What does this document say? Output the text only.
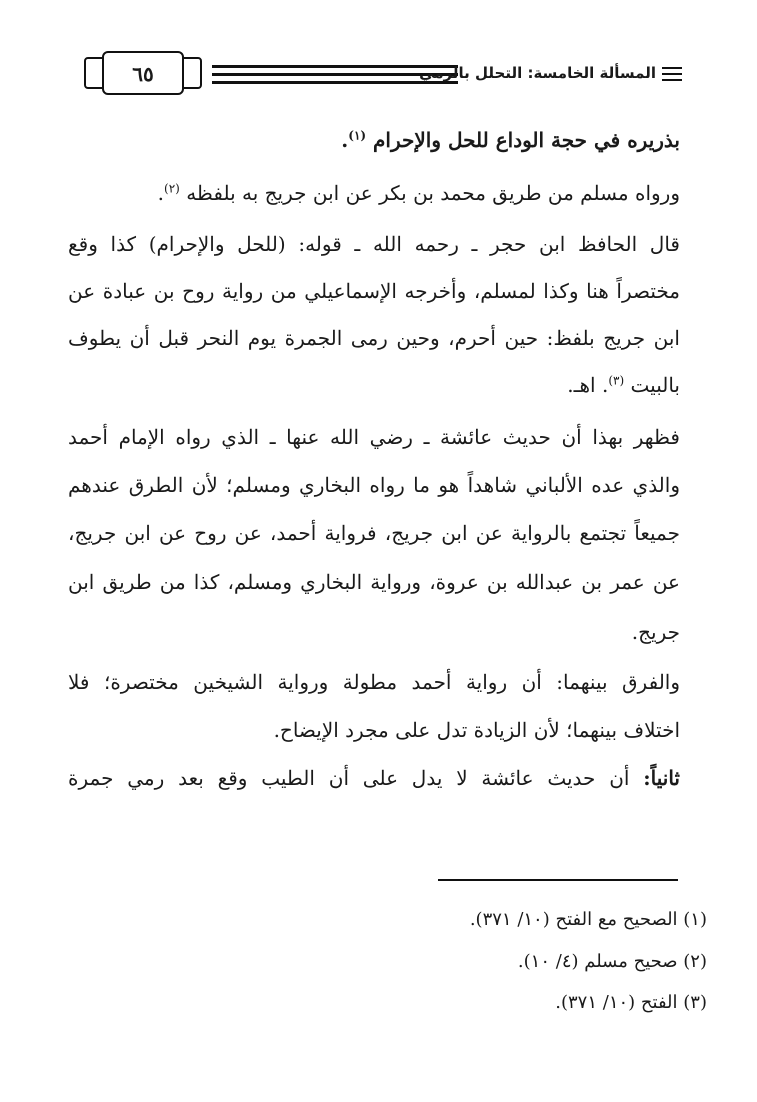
٦٥	المسألة الخامسة: التحلل بالرمي
بذريره في حجة الوداع للحل والإحرام $^{(١)}$.
ورواه مسلم من طريق محمد بن بكر عن ابن جريج به بلفظه $^{(٢)}$.
قال الحافظ ابن حجر ـ رحمه الله ـ قوله: (للحل والإحرام) كذا وقع
مختصراً هنا وكذا لمسلم، وأخرجه الإسماعيلي من رواية روح بن عبادة عن
ابن جريج بلفظ: حين أحرم، وحين رمى الجمرة يوم النحر قبل أن يطوف
بالبيت $^{(٣)}$. اهـ.
فظهر بهذا أن حديث عائشة ـ رضي الله عنها ـ الذي رواه الإمام أحمد
والذي عده الألباني شاهداً هو ما رواه البخاري ومسلم؛ لأن الطرق عندهم
جميعاً تجتمع بالرواية عن ابن جريج، فرواية أحمد، عن روح عن ابن جريج،
عن عمر بن عبدالله بن عروة، ورواية البخاري ومسلم، كذا من طريق ابن
جريج.
والفرق بينهما: أن رواية أحمد مطولة ورواية الشيخين مختصرة؛ فلا
اختلاف بينهما؛ لأن الزيادة تدل على مجرد الإيضاح.
ثانياً: أن حديث عائشة لا يدل على أن الطيب وقع بعد رمي جمرة
(١) الصحيح مع الفتح (١٠/ ٣٧١).
(٢) صحيح مسلم (٤/ ١٠).
(٣) الفتح (١٠/ ٣٧١).
